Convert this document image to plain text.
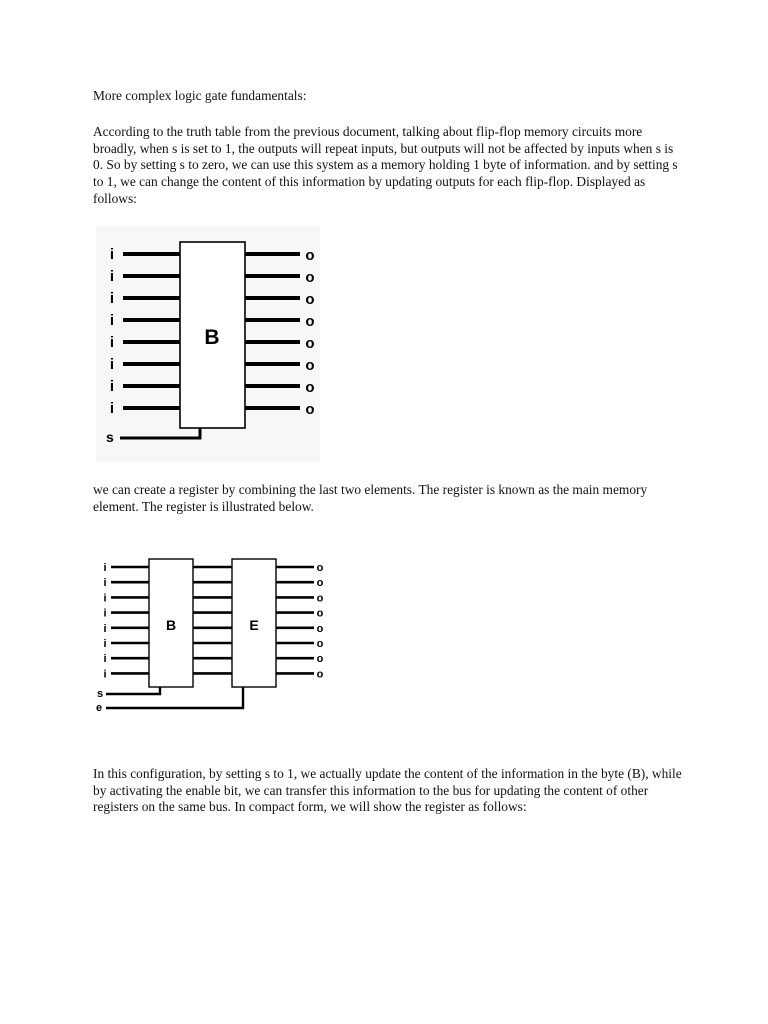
More complex logic gate fundamentals:

According to the truth table from the previous document, talking about flip-flop memory circuits more broadly, when s is set to 1, the outputs will repeat inputs, but outputs will not be affected by inputs when s is 0. So by setting s to zero, we can use this system as a memory holding 1 byte of information. and by setting s to 1, we can change the content of this information by updating outputs for each flip-flop. Displayed as follows:

i	o
i	o
i	o
i	o
i	o
i	o
i	o
i	o
B
s

we can create a register by combining the last two elements. The register is known as the main memory element. The register is illustrated below.

i	o
i	o
i	o
i	o
i	o
i	o
i	o
i	o
B	E
s
e

In this configuration, by setting s to 1, we actually update the content of the information in the byte (B), while by activating the enable bit, we can transfer this information to the bus for updating the content of other registers on the same bus. In compact form, we will show the register as follows:
